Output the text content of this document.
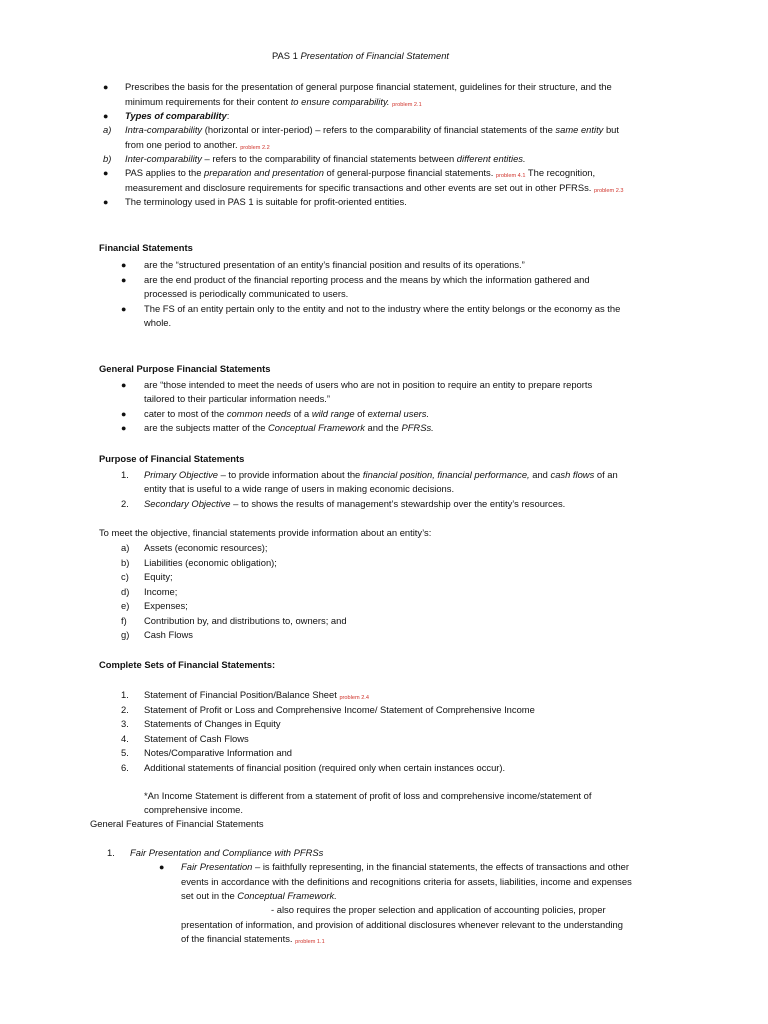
PAS 1 Presentation of Financial Statement
● Prescribes the basis for the presentation of general purpose financial statement, guidelines for their structure, and the
minimum requirements for their content to ensure comparability. problem 2.1
● Types of comparability:
a) Intra-comparability (horizontal or inter-period) – refers to the comparability of financial statements of the same entity but
from one period to another. problem 2.2
b) Inter-comparability – refers to the comparability of financial statements between different entities.
● PAS applies to the preparation and presentation of general-purpose financial statements. problem 4.1 The recognition,
measurement and disclosure requirements for specific transactions and other events are set out in other PFRSs. problem 2.3
● The terminology used in PAS 1 is suitable for profit-oriented entities.
Financial Statements
● are the “structured presentation of an entity’s financial position and results of its operations.”
● are the end product of the financial reporting process and the means by which the information gathered and
processed is periodically communicated to users.
● The FS of an entity pertain only to the entity and not to the industry where the entity belongs or the economy as the
whole.
General Purpose Financial Statements
● are “those intended to meet the needs of users who are not in position to require an entity to prepare reports
tailored to their particular information needs.”
● cater to most of the common needs of a wild range of external users.
● are the subjects matter of the Conceptual Framework and the PFRSs.
Purpose of Financial Statements
1. Primary Objective – to provide information about the financial position, financial performance, and cash flows of an
entity that is useful to a wide range of users in making economic decisions.
2. Secondary Objective – to shows the results of management’s stewardship over the entity’s resources.
To meet the objective, financial statements provide information about an entity’s:
a) Assets (economic resources);
b) Liabilities (economic obligation);
c) Equity;
d) Income;
e) Expenses;
f) Contribution by, and distributions to, owners; and
g) Cash Flows
Complete Sets of Financial Statements:
1. Statement of Financial Position/Balance Sheet problem 2.4
2. Statement of Profit or Loss and Comprehensive Income/ Statement of Comprehensive Income
3. Statements of Changes in Equity
4. Statement of Cash Flows
5. Notes/Comparative Information and
6. Additional statements of financial position (required only when certain instances occur).
*An Income Statement is different from a statement of profit of loss and comprehensive income/statement of
comprehensive income.
General Features of Financial Statements
1. Fair Presentation and Compliance with PFRSs
● Fair Presentation – is faithfully representing, in the financial statements, the effects of transactions and other
events in accordance with the definitions and recognitions criteria for assets, liabilities, income and expenses
set out in the Conceptual Framework.
- also requires the proper selection and application of accounting policies, proper
presentation of information, and provision of additional disclosures whenever relevant to the understanding
of the financial statements. problem 1.1
